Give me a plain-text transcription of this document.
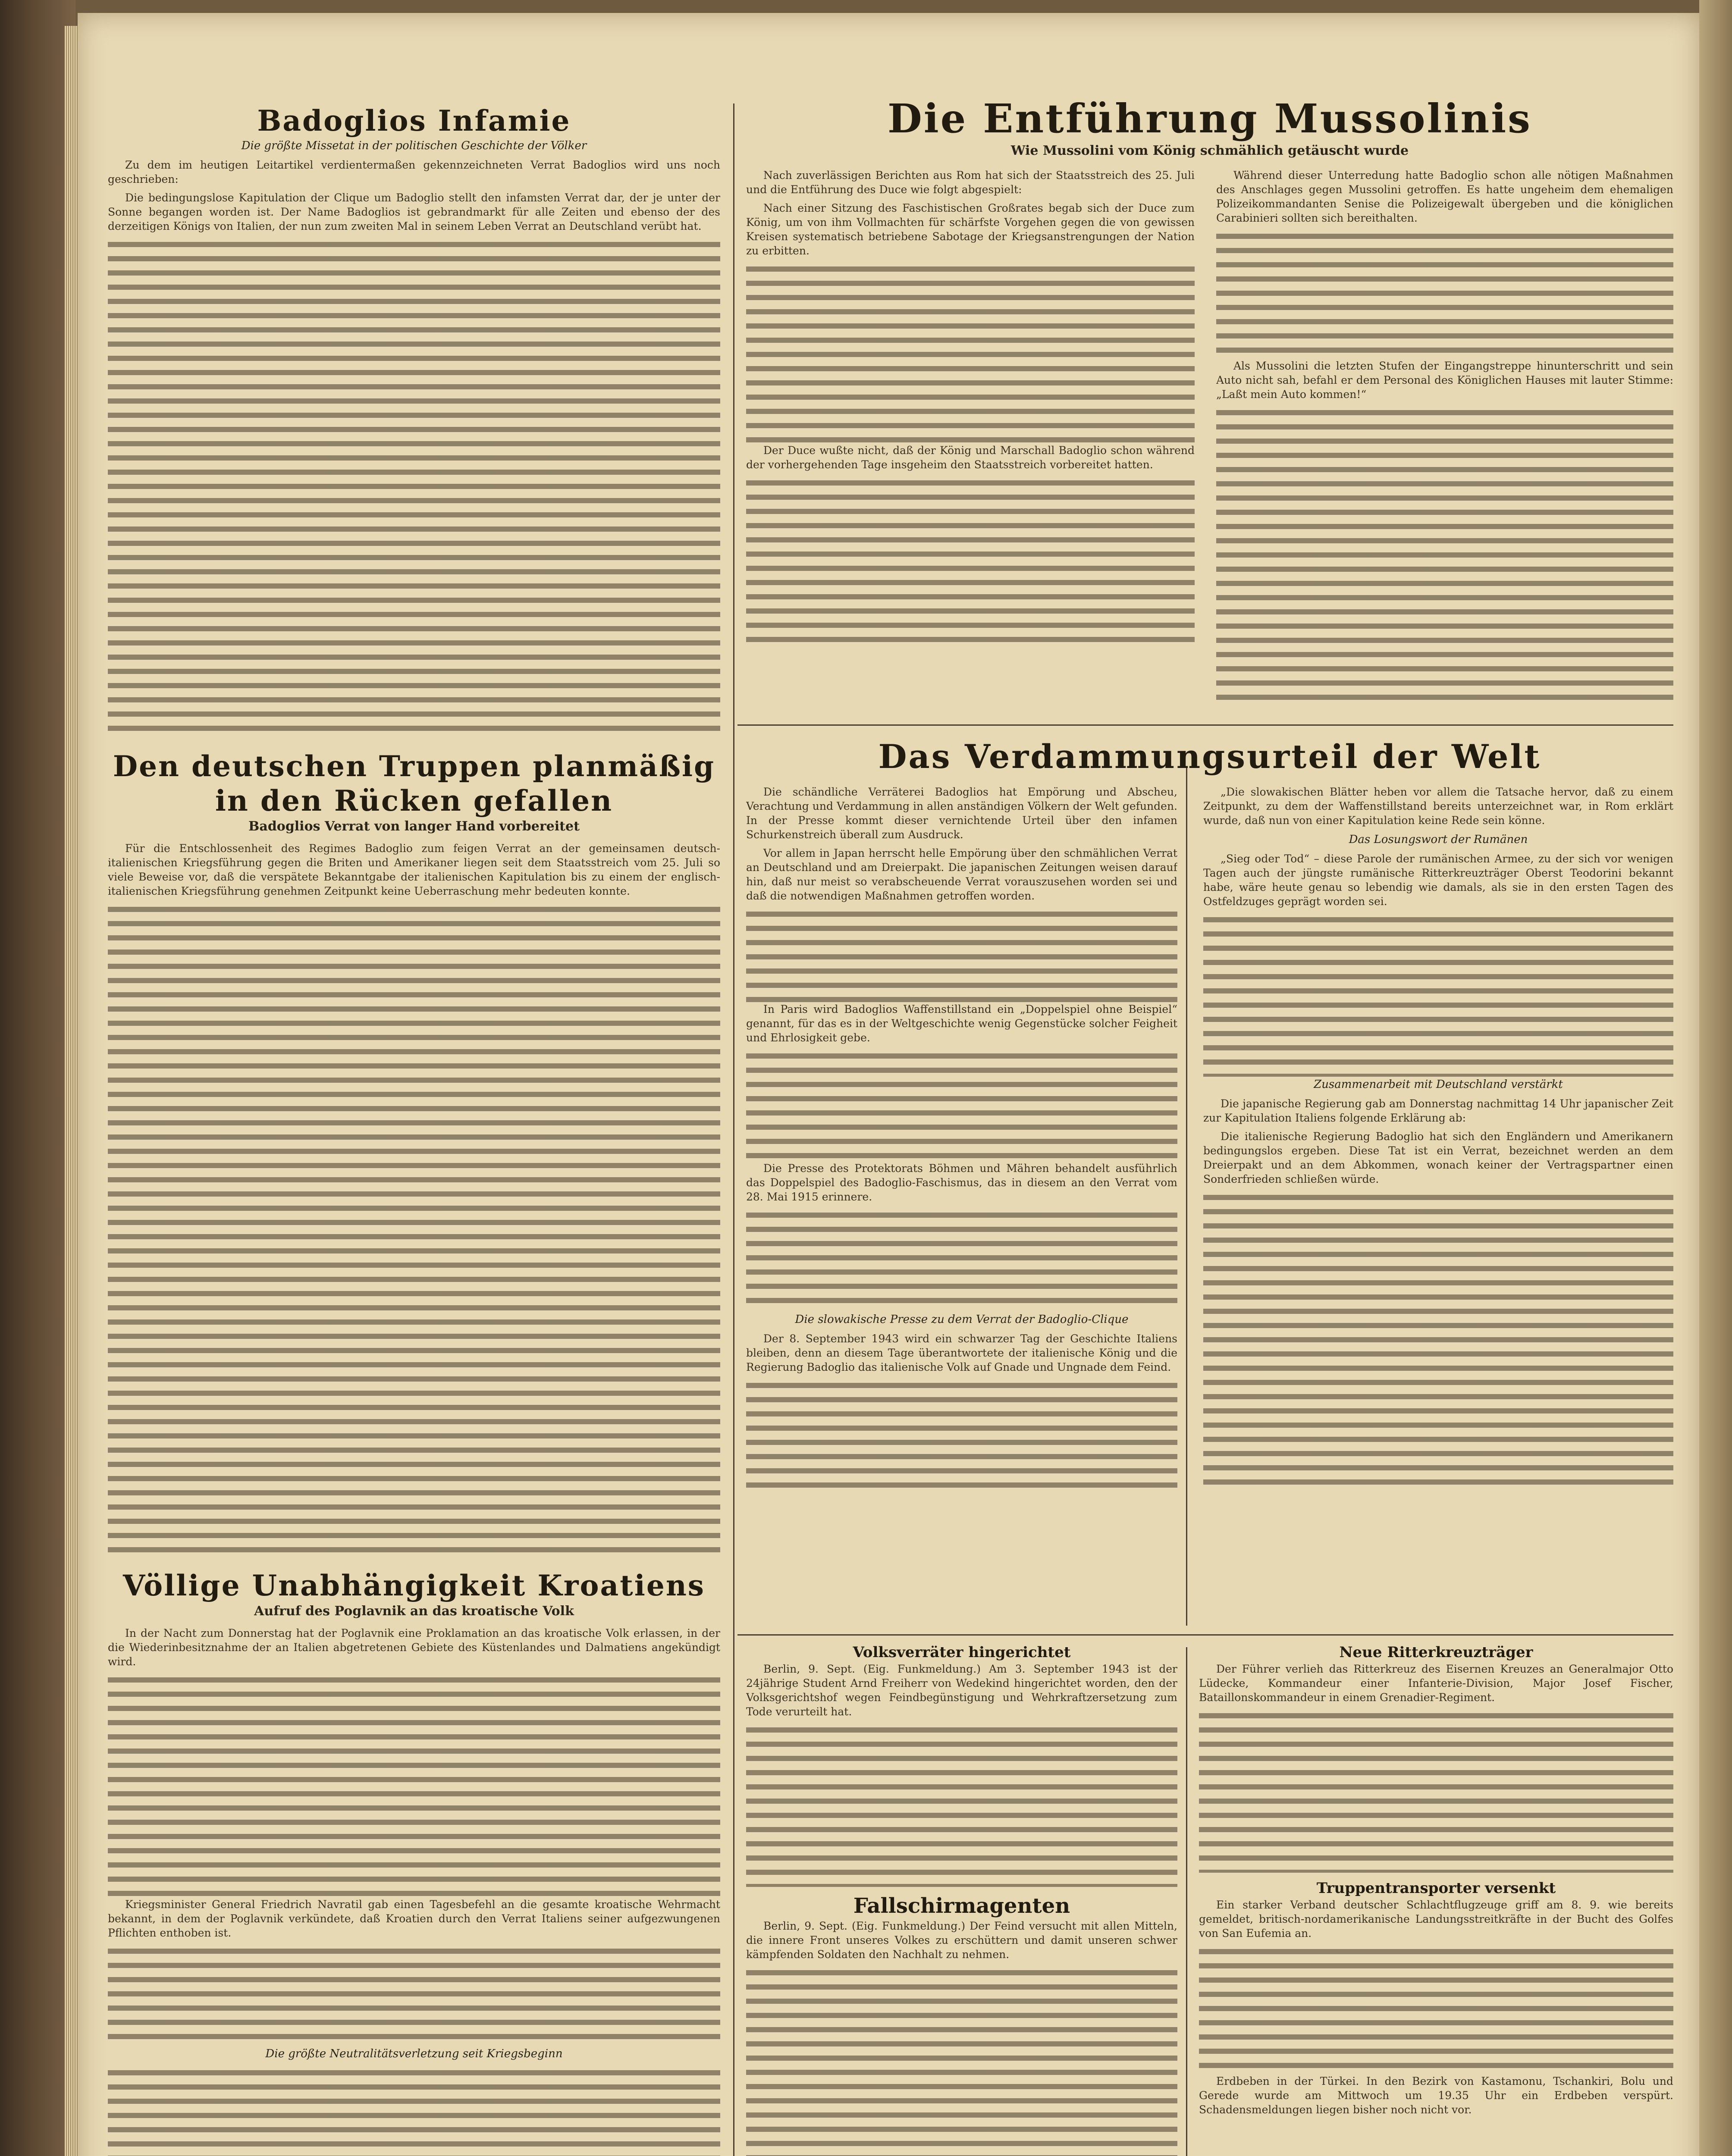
Badoglios Infamie
Die größte Missetat in der politischen Geschichte der Völker

Zu dem im heutigen Leitartikel verdientermaßen gekennzeichneten Verrat Badoglios wird uns noch geschrieben:

Die bedingungslose Kapitulation der Clique um Badoglio stellt den infamsten Verrat dar, der je unter der Sonne begangen worden ist. Der Name Badoglios ist gebrandmarkt für alle Zeiten und ebenso der des derzeitigen Königs von Italien, der nun zum zweiten Mal in seinem Leben Verrat an Deutschland verübt hat.

Den deutschen Truppen planmäßig in den Rücken gefallen
Badoglios Verrat von langer Hand vorbereitet

Für die Entschlossenheit des Regimes Badoglio zum feigen Verrat an der gemeinsamen deutsch-italienischen Kriegsführung gegen die Briten und Amerikaner liegen seit dem Staatsstreich vom 25. Juli so viele Beweise vor, daß die verspätete Bekanntgabe der italienischen Kapitulation bis zu einem der englisch-italienischen Kriegsführung genehmen Zeitpunkt keine Ueberraschung mehr bedeuten konnte.

Völlige Unabhängigkeit Kroatiens
Aufruf des Poglavnik an das kroatische Volk

In der Nacht zum Donnerstag hat der Poglavnik eine Proklamation an das kroatische Volk erlassen, in der die Wiederinbesitznahme der an Italien abgetretenen Gebiete des Küstenlandes und Dalmatiens angekündigt wird.

Kriegsminister General Friedrich Navratil gab einen Tagesbefehl an die gesamte kroatische Wehrmacht bekannt, in dem der Poglavnik verkündete, daß Kroatien durch den Verrat Italiens seiner aufgezwungenen Pflichten enthoben ist.

Die größte Neutralitätsverletzung seit Kriegsbeginn
Die Entführung Mussolinis
Wie Mussolini vom König schmählich getäuscht wurde

Nach zuverlässigen Berichten aus Rom hat sich der Staatsstreich des 25. Juli und die Entführung des Duce wie folgt abgespielt:

Nach einer Sitzung des Faschistischen Großrates begab sich der Duce zum König, um von ihm Vollmachten für schärfste Vorgehen gegen die von gewissen Kreisen systematisch betriebene Sabotage der Kriegsanstrengungen der Nation zu erbitten.

Der Duce wußte nicht, daß der König und Marschall Badoglio schon während der vorhergehenden Tage insgeheim den Staatsstreich vorbereitet hatten.

Während dieser Unterredung hatte Badoglio schon alle nötigen Maßnahmen des Anschlages gegen Mussolini getroffen. Es hatte ungeheim dem ehemaligen Polizeikommandanten Senise die Polizeigewalt übergeben und die königlichen Carabinieri sollten sich bereithalten.

Als Mussolini die letzten Stufen der Eingangstreppe hinunterschritt und sein Auto nicht sah, befahl er dem Personal des Königlichen Hauses mit lauter Stimme: „Laßt mein Auto kommen!“

Das Verdammungsurteil der Welt

Die schändliche Verräterei Badoglios hat Empörung und Abscheu, Verachtung und Verdammung in allen anständigen Völkern der Welt gefunden. In der Presse kommt dieser vernichtende Urteil über den infamen Schurkenstreich überall zum Ausdruck.

Vor allem in Japan herrscht helle Empörung über den schmählichen Verrat an Deutschland und am Dreierpakt. Die japanischen Zeitungen weisen darauf hin, daß nur meist so verabscheuende Verrat vorauszusehen worden sei und daß die notwendigen Maßnahmen getroffen worden.

In Paris wird Badoglios Waffenstillstand ein „Doppelspiel ohne Beispiel“ genannt, für das es in der Weltgeschichte wenig Gegenstücke solcher Feigheit und Ehrlosigkeit gebe.

Die Presse des Protektorats Böhmen und Mähren behandelt ausführlich das Doppelspiel des Badoglio-Faschismus, das in diesem an den Verrat vom 28. Mai 1915 erinnere.

Die slowakische Presse zu dem Verrat der Badoglio-Clique

Der 8. September 1943 wird ein schwarzer Tag der Geschichte Italiens bleiben, denn an diesem Tage überantwortete der italienische König und die Regierung Badoglio das italienische Volk auf Gnade und Ungnade dem Feind.

„Die slowakischen Blätter heben vor allem die Tatsache hervor, daß zu einem Zeitpunkt, zu dem der Waffenstillstand bereits unterzeichnet war, in Rom erklärt wurde, daß nun von einer Kapitulation keine Rede sein könne.

Das Losungswort der Rumänen

„Sieg oder Tod“ – diese Parole der rumänischen Armee, zu der sich vor wenigen Tagen auch der jüngste rumänische Ritterkreuzträger Oberst Teodorini bekannt habe, wäre heute genau so lebendig wie damals, als sie in den ersten Tagen des Ostfeldzuges geprägt worden sei.

Zusammenarbeit mit Deutschland verstärkt

Die japanische Regierung gab am Donnerstag nachmittag 14 Uhr japanischer Zeit zur Kapitulation Italiens folgende Erklärung ab:

Die italienische Regierung Badoglio hat sich den Engländern und Amerikanern bedingungslos ergeben. Diese Tat ist ein Verrat, bezeichnet werden an dem Dreierpakt und an dem Abkommen, wonach keiner der Vertragspartner einen Sonderfrieden schließen würde.

Volksverräter hingerichtet

Berlin, 9. Sept. (Eig. Funkmeldung.) Am 3. September 1943 ist der 24jährige Student Arnd Freiherr von Wedekind hingerichtet worden, den der Volksgerichtshof wegen Feindbegünstigung und Wehrkraftzersetzung zum Tode verurteilt hat.

Fallschirmagenten

Berlin, 9. Sept. (Eig. Funkmeldung.) Der Feind versucht mit allen Mitteln, die innere Front unseres Volkes zu erschüttern und damit unseren schwer kämpfenden Soldaten den Nachhalt zu nehmen.

Neue Ritterkreuzträger

Der Führer verlieh das Ritterkreuz des Eisernen Kreuzes an Generalmajor Otto Lüdecke, Kommandeur einer Infanterie-Division, Major Josef Fischer, Bataillonskommandeur in einem Grenadier-Regiment.

Truppentransporter versenkt

Ein starker Verband deutscher Schlachtflugzeuge griff am 8. 9. wie bereits gemeldet, britisch-nordamerikanische Landungsstreitkräfte in der Bucht des Golfes von San Eufemia an.

Erdbeben in der Türkei. In den Bezirk von Kastamonu, Tschankiri, Bolu und Gerede wurde am Mittwoch um 19.35 Uhr ein Erdbeben verspürt. Schadensmeldungen liegen bisher noch nicht vor.
